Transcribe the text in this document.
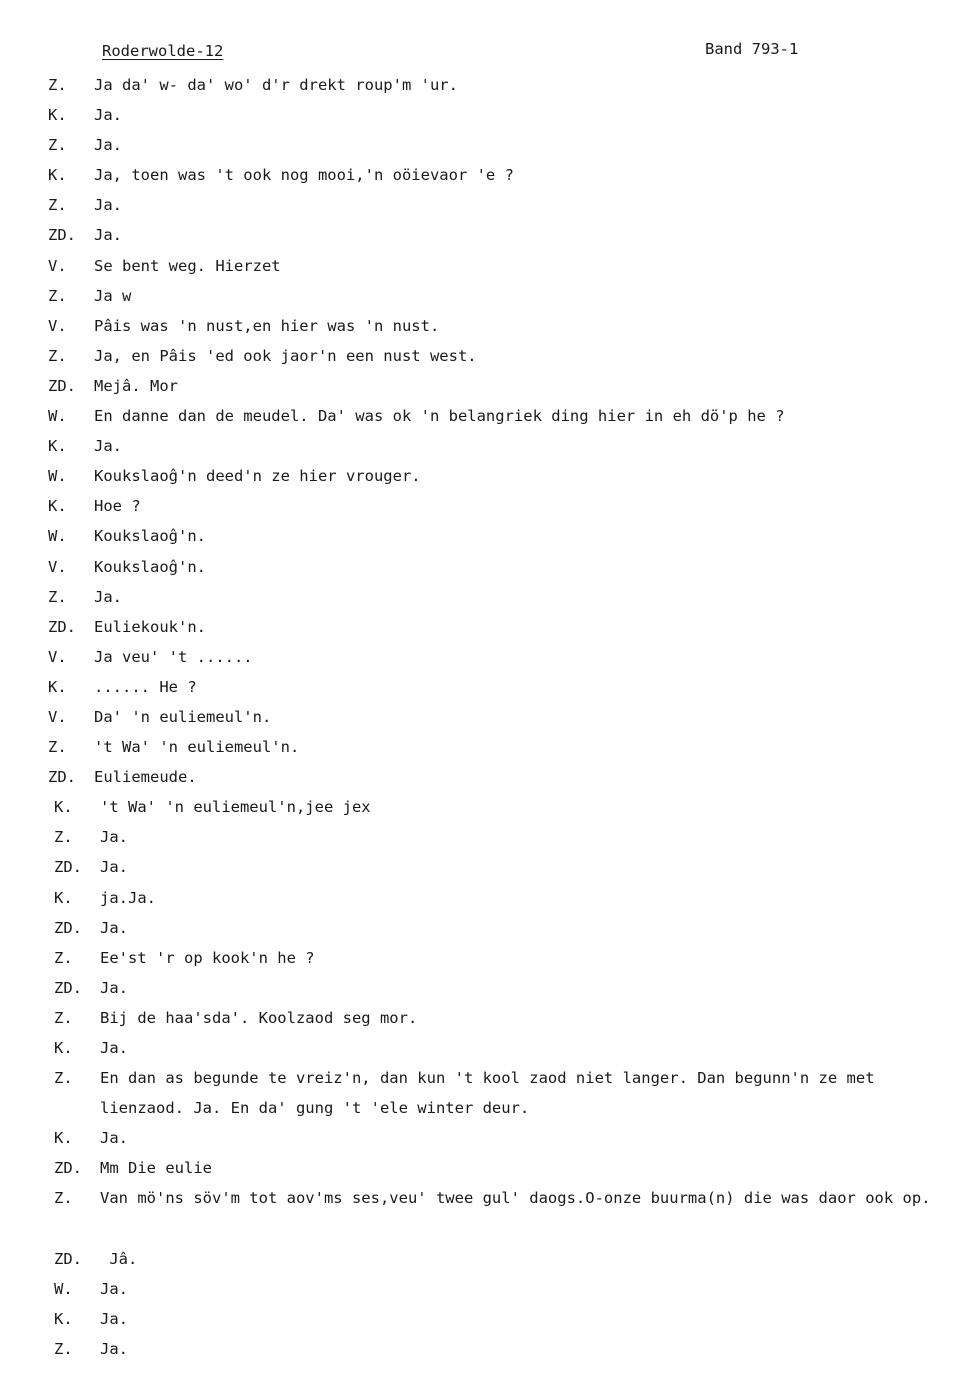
Roderwolde-12	Band 793-1
Z.	Ja da' w- da' wo' d'r drekt roup'm 'ur.
K.	Ja.
Z.	Ja.
K.	Ja, toen was 't ook nog mooi,'n oöievaor 'e ?
Z.	Ja.
ZD.	Ja.
V.	Se bent weg. Hierzet
Z.	Ja w
V.	Pâis was 'n nust,en hier was 'n nust.
Z.	Ja, en Pâis 'ed ook jaor'n een nust west.
ZD.	Mejâ. Mor
W.	En danne dan de meudel. Da' was ok 'n belangriek ding hier in eh dö'p he ?
K.	Ja.
W.	Koukslaoĝ'n deed'n ze hier vrouger.
K.	Hoe ?
W.	Koukslaoĝ'n.
V.	Koukslaoĝ'n.
Z.	Ja.
ZD.	Euliekouk'n.
V.	Ja veu' 't ......
K.	...... He ?
V.	Da' 'n euliemeul'n.
Z.	't Wa' 'n euliemeul'n.
ZD.	Euliemeude.
K.	't Wa' 'n euliemeul'n,jee jex
Z.	Ja.
ZD.	Ja.
K.	ja.Ja.
ZD.	Ja.
Z.	Ee'st 'r op kook'n he ?
ZD.	Ja.
Z.	Bij de haa'sda'. Koolzaod seg mor.
K.	Ja.
Z.	En dan as begunde te vreiz'n, dan kun 't kool zaod niet langer. Dan begunn'n ze met lienzaod. Ja. En da' gung 't 'ele winter deur.
K.	Ja.
ZD.	Mm Die eulie
Z.	Van mö'ns söv'm tot aov'ms ses,veu' twee gul' daogs.O-onze buurma(n) die was daor ook op.
ZD.	Jâ.
W.	Ja.
K.	Ja.
Z.	Ja.
